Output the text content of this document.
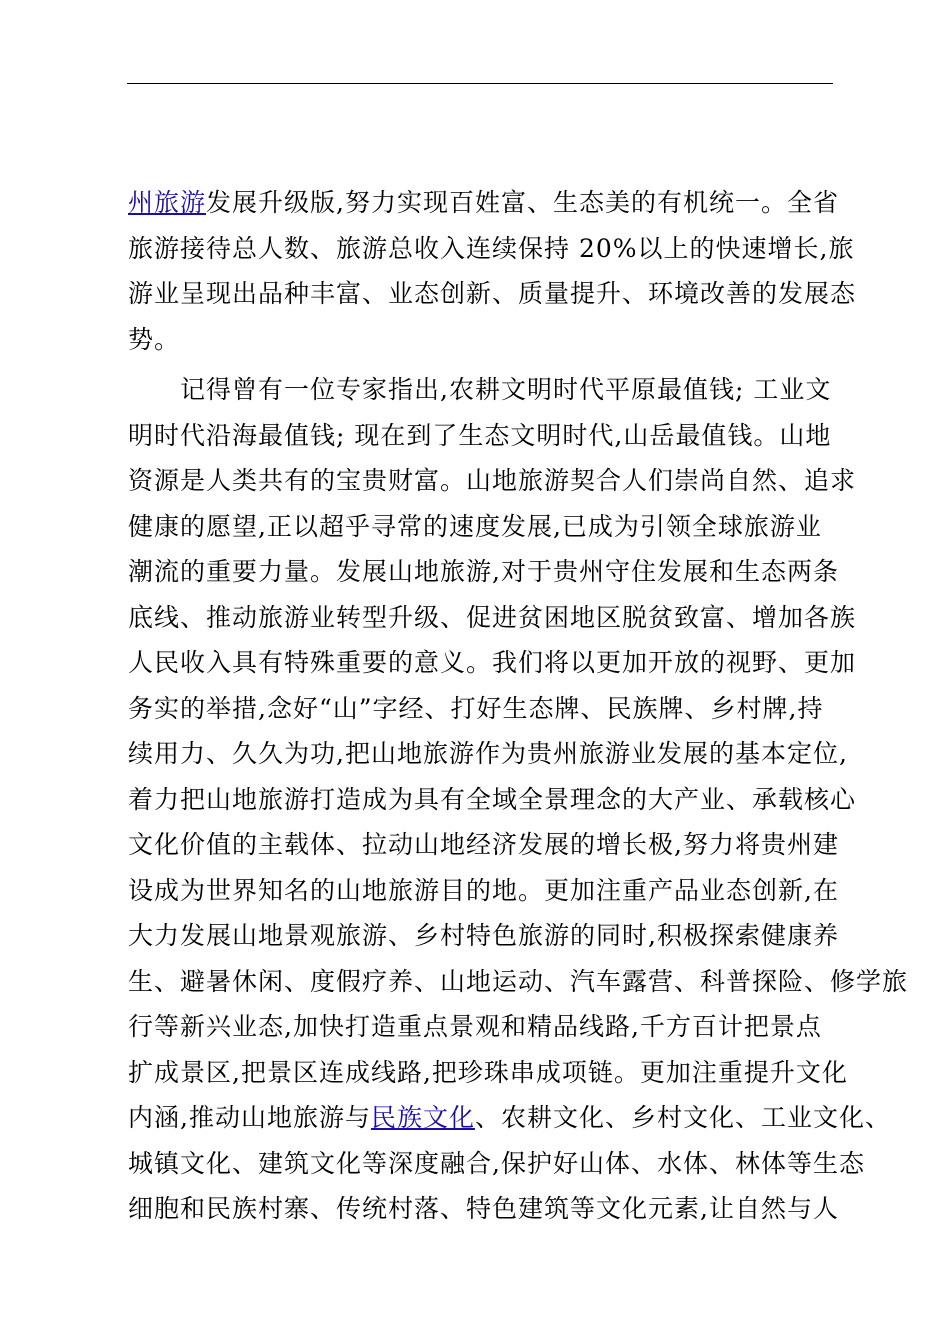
州旅游发展升级版,努力实现百姓富、生态美的有机统一。全省
旅游接待总人数、旅游总收入连续保持 20%以上的快速增长,旅
游业呈现出品种丰富、业态创新、质量提升、环境改善的发展态
势。
　　记得曾有一位专家指出,农耕文明时代平原最值钱; 工业文
明时代沿海最值钱; 现在到了生态文明时代,山岳最值钱。山地
资源是人类共有的宝贵财富。山地旅游契合人们崇尚自然、追求
健康的愿望,正以超乎寻常的速度发展,已成为引领全球旅游业
潮流的重要力量。发展山地旅游,对于贵州守住发展和生态两条
底线、推动旅游业转型升级、促进贫困地区脱贫致富、增加各族
人民收入具有特殊重要的意义。我们将以更加开放的视野、更加
务实的举措,念好“山”字经、打好生态牌、民族牌、乡村牌,持
续用力、久久为功,把山地旅游作为贵州旅游业发展的基本定位,
着力把山地旅游打造成为具有全域全景理念的大产业、承载核心
文化价值的主载体、拉动山地经济发展的增长极,努力将贵州建
设成为世界知名的山地旅游目的地。更加注重产品业态创新,在
大力发展山地景观旅游、乡村特色旅游的同时,积极探索健康养
生、避暑休闲、度假疗养、山地运动、汽车露营、科普探险、修学旅
行等新兴业态,加快打造重点景观和精品线路,千方百计把景点
扩成景区,把景区连成线路,把珍珠串成项链。更加注重提升文化
内涵,推动山地旅游与民族文化、农耕文化、乡村文化、工业文化、
城镇文化、建筑文化等深度融合,保护好山体、水体、林体等生态
细胞和民族村寨、传统村落、特色建筑等文化元素,让自然与人
